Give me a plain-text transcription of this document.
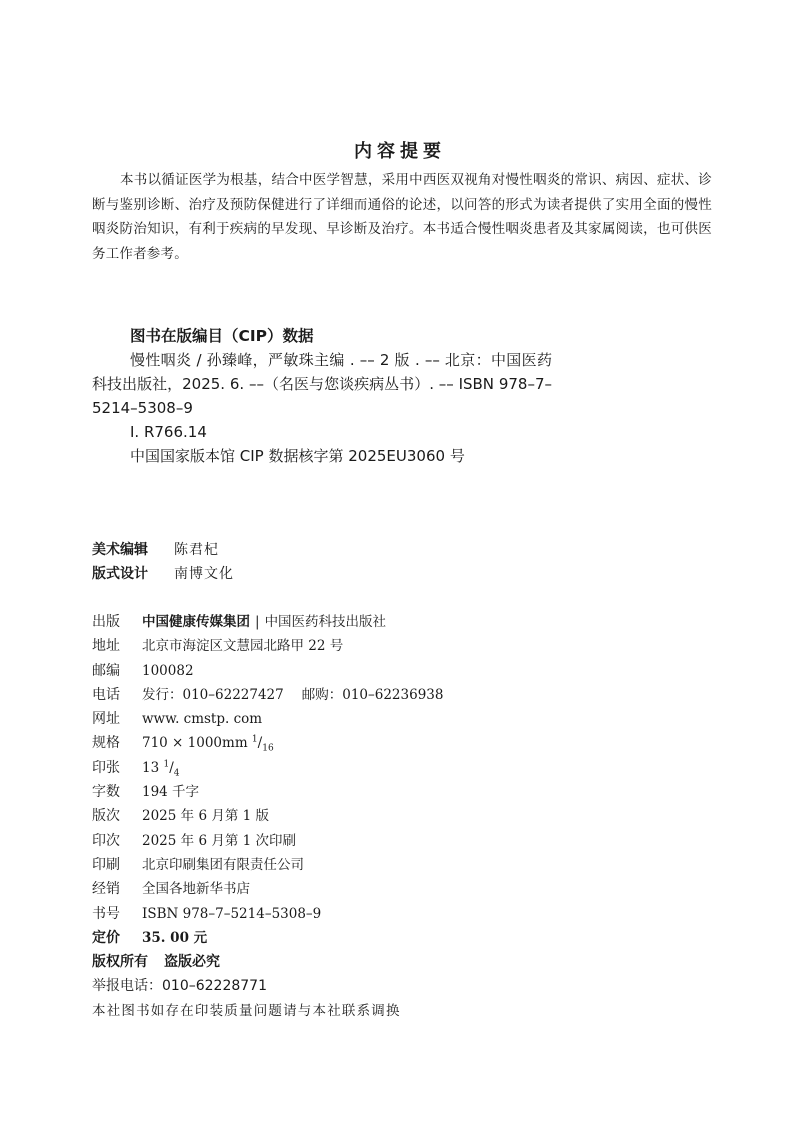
内容提要

本书以循证医学为根基，结合中医学智慧，采用中西医双视角对慢性咽炎的常识、病因、症状、诊断与鉴别诊断、治疗及预防保健进行了详细而通俗的论述，以问答的形式为读者提供了实用全面的慢性咽炎防治知识，有利于疾病的早发现、早诊断及治疗。本书适合慢性咽炎患者及其家属阅读，也可供医务工作者参考。

图书在版编目（CIP）数据

慢性咽炎 / 孙臻峰，严敏珠主编 . –– 2 版 . –– 北京：中国医药科技出版社，2025. 6. ––（名医与您谈疾病丛书）. –– ISBN 978–7–5214–5308–9

Ⅰ. R766.14
中国国家版本馆 CIP 数据核字第 2025EU3060 号
美术编辑	陈君杞
版式设计	南博文化
出版	中国健康传媒集团 | 中国医药科技出版社
地址	北京市海淀区文慧园北路甲 22 号
邮编	100082
电话	发行：010–62227427 邮购：010–62236938
网址	www. cmstp. com
规格	710 × 1000mm $^1/_{16}$
印张	13 $^1/_4$
字数	194 千字
版次	2025 年 6 月第 1 版
印次	2025 年 6 月第 1 次印刷
印刷	北京印刷集团有限责任公司
经销	全国各地新华书店
书号	ISBN 978–7–5214–5308–9
定价	35. 00 元
版权所有 盗版必究
举报电话：010–62228771
本社图书如存在印装质量问题请与本社联系调换
